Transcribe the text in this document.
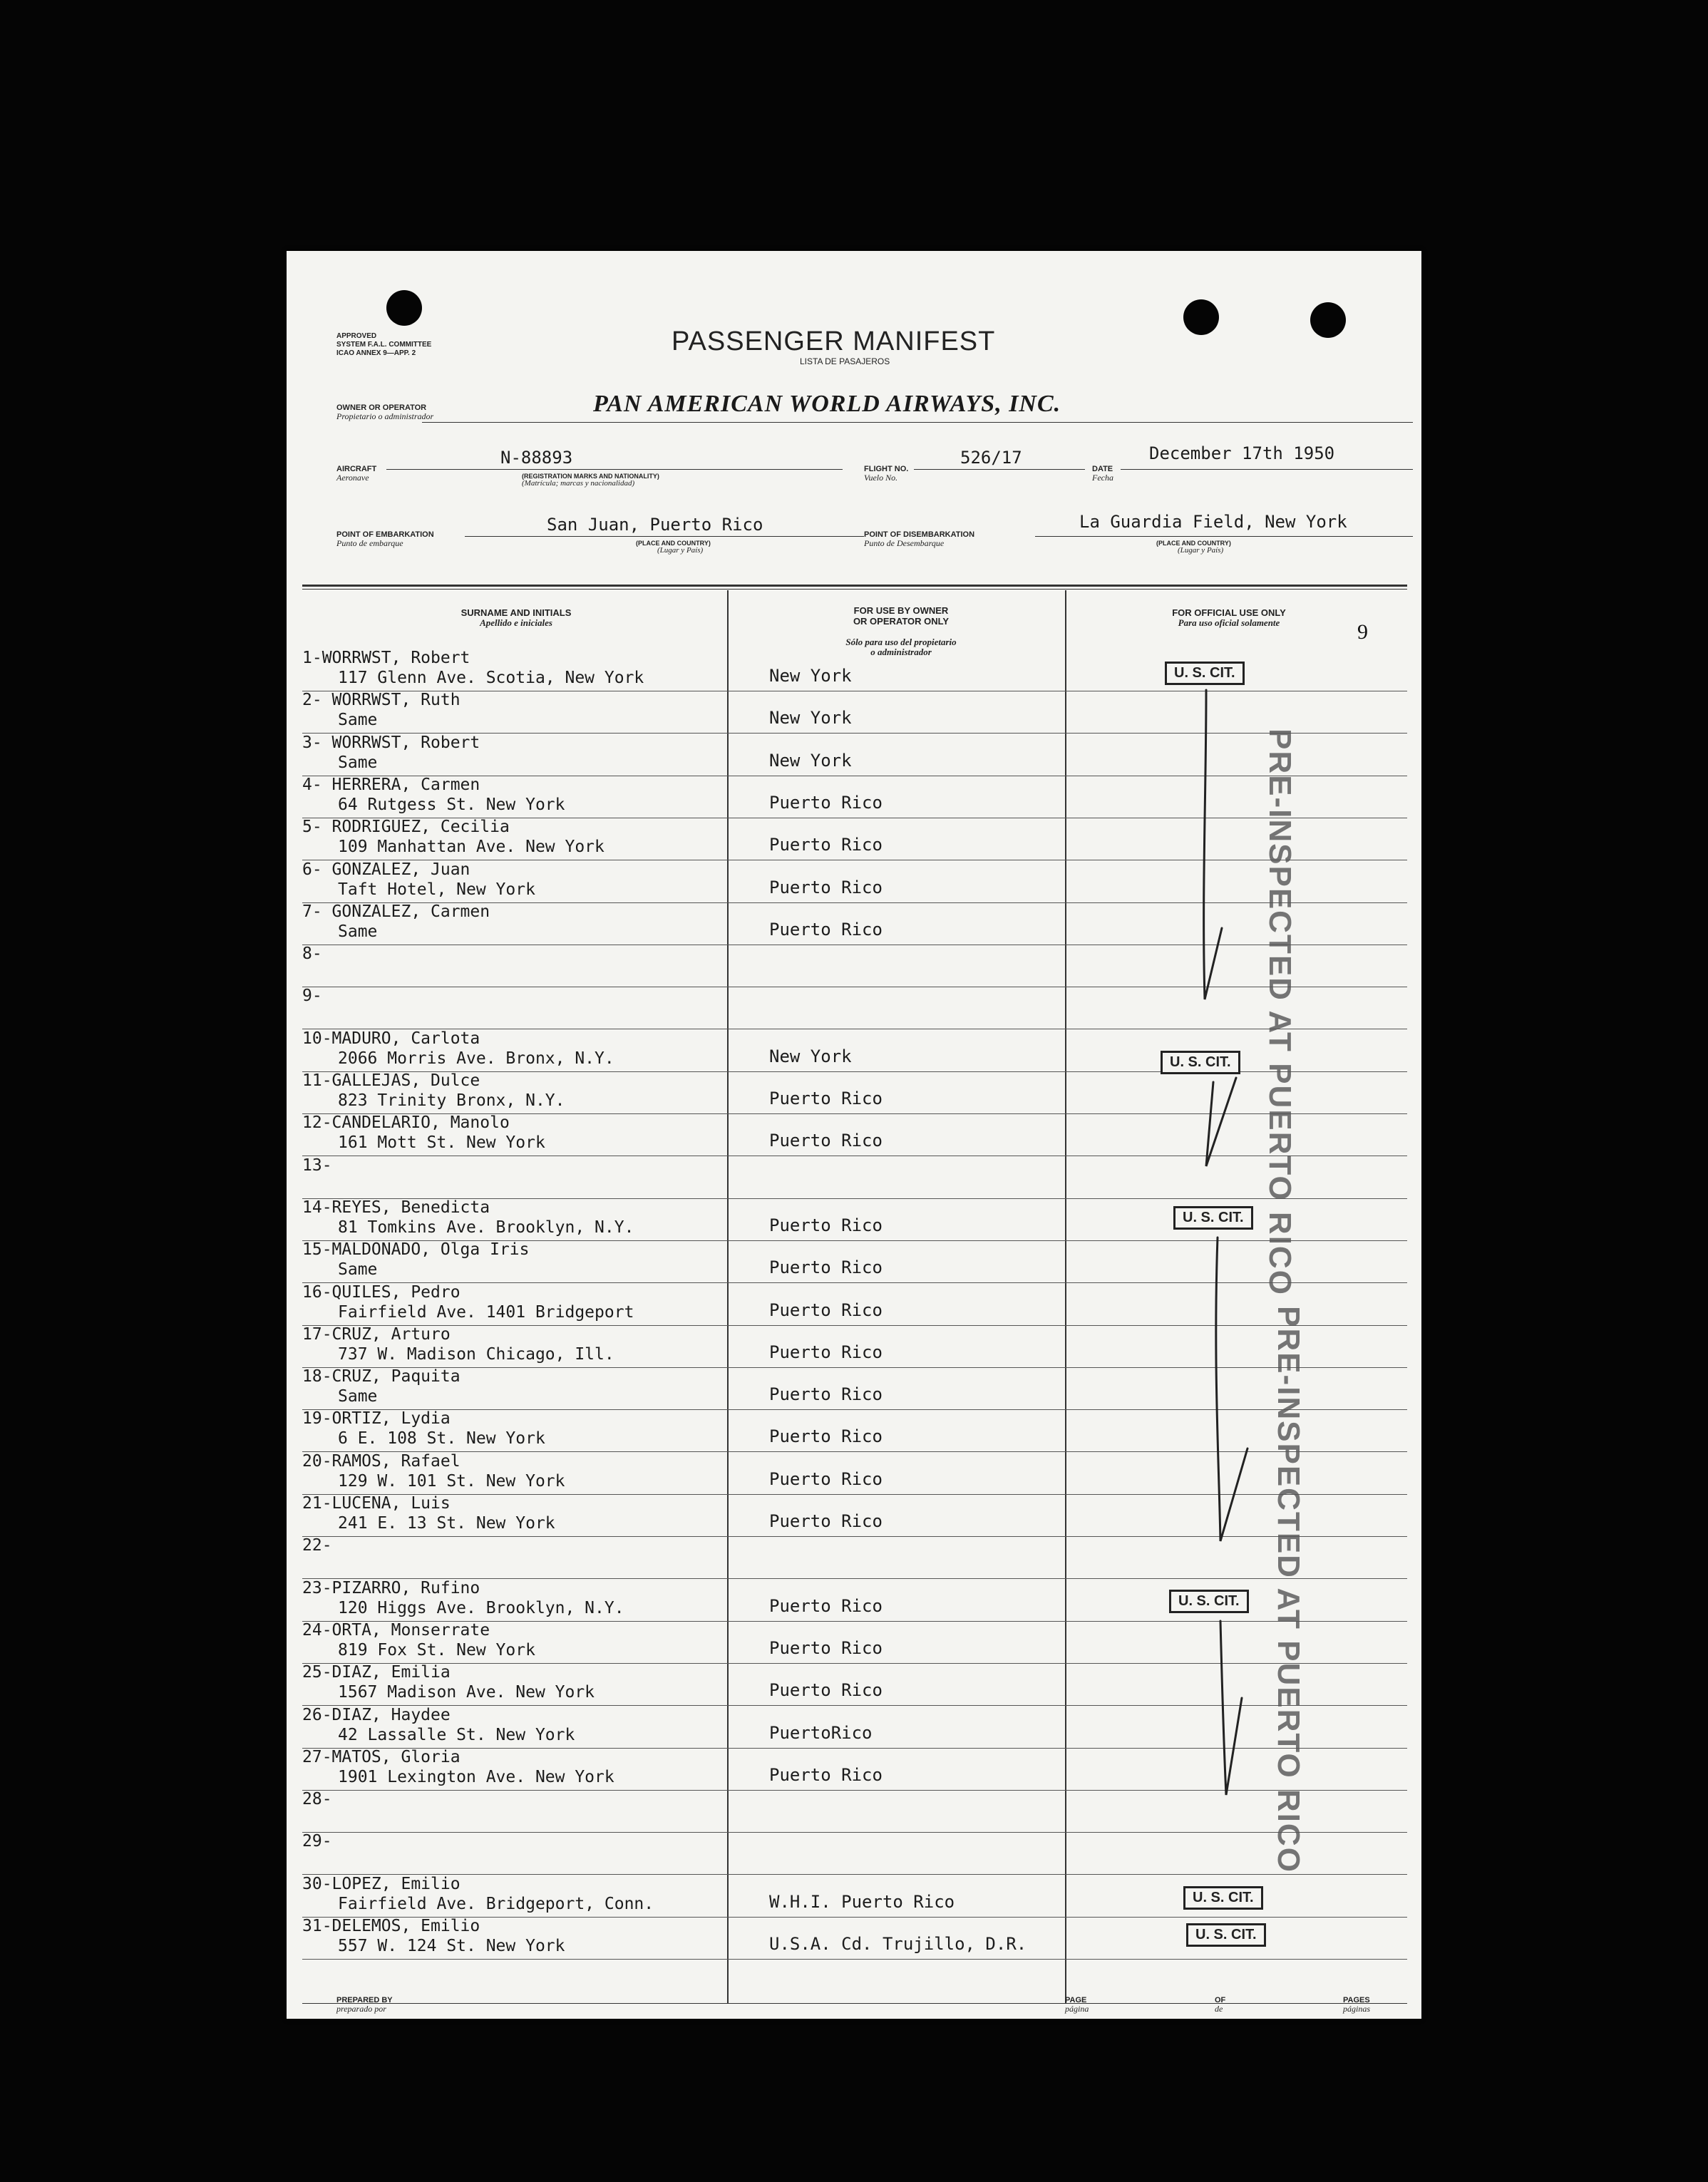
APPROVED
SYSTEM F.A.L. COMMITTEE
ICAO ANNEX 9—APP. 2	PASSENGER MANIFEST
LISTA DE PASAJEROS
OWNER OR OPERATOR
Propietario o administrador	PAN AMERICAN WORLD AIRWAYS, INC.
AIRCRAFT
Aeronave
N-88893
(REGISTRATION MARKS AND NATIONALITY)
(Matrícula; marcas y nacionalidad)
FLIGHT NO.
Vuelo No.
526/17
DATE
Fecha
December 17th 1950
POINT OF EMBARKATION
Punto de embarque
San Juan, Puerto Rico
(PLACE AND COUNTRY)
(Lugar y País)
POINT OF DISEMBARKATION
Punto de Desembarque
La Guardia Field, New York
(PLACE AND COUNTRY)
(Lugar y País)
SURNAME AND INITIALS
Apellido e iniciales

FOR USE BY OWNER
OR OPERATOR ONLY

Sólo para uso del propietario
o administrador

FOR OFFICIAL USE ONLY
Para uso oficial solamente	9
1-WORRWST, Robert
117 Glenn Ave. Scotia, New York	New York
2- WORRWST, Ruth
Same	New York
3- WORRWST, Robert
Same	New York
4- HERRERA, Carmen
64 Rutgess St. New York	Puerto Rico
5- RODRIGUEZ, Cecilia
109 Manhattan Ave. New York	Puerto Rico
6- GONZALEZ, Juan
Taft Hotel, New York	Puerto Rico
7- GONZALEZ, Carmen
Same	Puerto Rico
8-
9-
10-MADURO, Carlota
2066 Morris Ave. Bronx, N.Y.	New York
11-GALLEJAS, Dulce
823 Trinity Bronx, N.Y.	Puerto Rico
12-CANDELARIO, Manolo
161 Mott St. New York	Puerto Rico
13-
14-REYES, Benedicta
81 Tomkins Ave. Brooklyn, N.Y.	Puerto Rico
15-MALDONADO, Olga Iris
Same	Puerto Rico
16-QUILES, Pedro
Fairfield Ave. 1401 Bridgeport	Puerto Rico
17-CRUZ, Arturo
737 W. Madison Chicago, Ill.	Puerto Rico
18-CRUZ, Paquita
Same	Puerto Rico
19-ORTIZ, Lydia
6 E. 108 St. New York	Puerto Rico
20-RAMOS, Rafael
129 W. 101 St. New York	Puerto Rico
21-LUCENA, Luis
241 E. 13 St. New York	Puerto Rico
22-
23-PIZARRO, Rufino
120 Higgs Ave. Brooklyn, N.Y.	Puerto Rico
24-ORTA, Monserrate
819 Fox St. New York	Puerto Rico
25-DIAZ, Emilia
1567 Madison Ave. New York	Puerto Rico
26-DIAZ, Haydee
42 Lassalle St. New York	PuertoRico
27-MATOS, Gloria
1901 Lexington Ave. New York	Puerto Rico
28-
29-
30-LOPEZ, Emilio
Fairfield Ave. Bridgeport, Conn.	W.H.I. Puerto Rico
31-DELEMOS, Emilio
557 W. 124 St. New York	U.S.A. Cd. Trujillo, D.R.
U. S. CIT.
U. S. CIT.
U. S. CIT.
U. S. CIT.
U. S. CIT.
U. S. CIT.
PRE-INSPECTED AT PUERTO RICO
PRE-INSPECTED AT PUERTO RICO
PREPARED BY
preparado por
PAGE
página
OF
de
PAGES
páginas
